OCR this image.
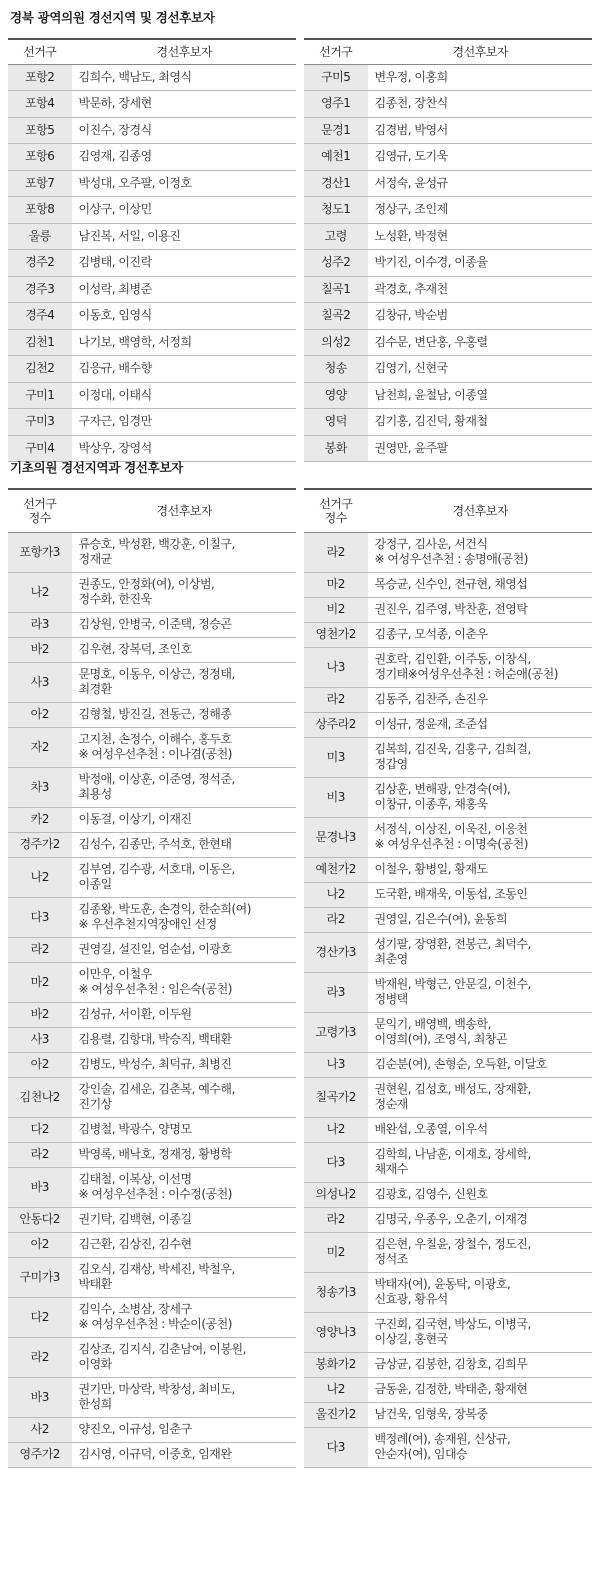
경북 광역의원 경선지역 및 경선후보자
선거구	경선후보자
포항2	김희수, 백남도, 최영식
포항4	박문하, 장세현
포항5	이진수, 장경식
포항6	김영재, 김종영
포항7	박성대, 오주팔, 이정호
포항8	이상구, 이상민
울릉	남진복, 서일, 이용진
경주2	김병태, 이진락
경주3	이성락, 최병준
경주4	이동호, 임영식
김천1	나기보, 백영학, 서정희
김천2	김응규, 배수향
구미1	이정대, 이태식
구미3	구자근, 임경만
구미4	박상우, 장영석
선거구	경선후보자
구미5	변우정, 이홍희
영주1	김종천, 장찬식
문경1	김경범, 박영서
예천1	김영규, 도기욱
경산1	서정숙, 윤성규
청도1	정상구, 조인제
고령	노성환, 박정현
성주2	박기진, 이수경, 이종율
칠곡1	곽경호, 추재천
칠곡2	김창규, 박순범
의성2	김수문, 변단홍, 우홍렬
청송	김영기, 신현국
영양	남천희, 윤철남, 이종열
영덕	김기홍, 김진덕, 황재철
봉화	권영만, 윤주팔
기초의원 경선지역과 경선후보자
선거구
정수	경선후보자
포항가3	류승호, 박성환, 백강훈, 이칠구,
정재균

나2	권종도, 안정화(여), 이상범,
정수화, 한진욱

라3	김상원, 안병국, 이준택, 정승곤

바2	김우현, 장복덕, 조인호

사3	문명호, 이동우, 이상근, 정정태,
최경환

아2	김형철, 방진길, 전동근, 정해종

자2	고지천, 손정수, 이해수, 홍두호
※ 여성우선추천 : 이나겸(공천)

차3	박정애, 이상훈, 이준영, 정석준,
최용성

카2	이동걸, 이상기, 이재진

경주가2	김성수, 김종만, 주석호, 한현태

나2	김부염, 김수광, 서호대, 이동은,
이종일

다3	김종왕, 박도훈, 손경익, 한순희(여)
※ 우선추천지역장애인 선정

라2	권영길, 설진일, 엄순섭, 이광호

마2	이만우, 이철우
※ 여성우선추천 : 임은숙(공천)

바2	김성규, 서이환, 이두원

사3	김용렬, 김항대, 박승직, 백태환

아2	김병도, 박성수, 최덕규, 최병진

김천나2	강인술, 김세운, 김춘복, 예수해,
진기상

다2	김병철, 박광수, 양명모

라2	박영록, 배낙호, 정재정, 황병학

바3	김태철, 이복상, 이선명
※ 여성우선추천 : 이수정(공천)

안동다2	권기탁, 김백현, 이종길

아2	김근환, 김상진, 김수현

구미가3	김오식, 김재상, 박세진, 박철우,
박태환

다2	김익수, 소병삼, 장세구
※ 여성우선추천 : 박순이(공천)

라2	김상조, 김지식, 김춘남여, 이봉원,
이영화

바3	권기만, 마상락, 박창성, 최비도,
한성희

사2	양진오, 이규성, 임춘구

영주가2	김시영, 이규덕, 이중호, 임재완
선거구
정수	경선후보자
라2	강정구, 김사운, 서건식
※ 여성우선추천 : 송명애(공천)

마2	목승균, 신수인, 전규현, 채영섭

비2	권진우, 김주영, 박찬훈, 전영탁

영천가2	김종구, 모석종, 이춘우

나3	권호락, 김인환, 이주동, 이창식,
정기태※여성우선추천 : 허순애(공천)

라2	김동주, 김찬주, 손진우

상주라2	이성규, 정윤재, 조준섭

미3	김복희, 김진욱, 김홍구, 김희걸,
정갑영

비3	김상훈, 변해광, 안경숙(여),
이창규, 이종후, 채홍욱

문경나3	서정식, 이상진, 이욱진, 이응천
※ 여성우선추천 : 이명숙(공천)

예천가2	이철우, 황병일, 황재도

나2	도국환, 배재욱, 이동섭, 조동인

라2	권영일, 김은수(여), 윤동희

경산가3	성기팔, 장영환, 전봉근, 최덕수,
최춘영

라3	박재원, 박형근, 안문길, 이천수,
정병택

고령가3	문익기, 배영백, 백송학,
이영희(여), 조영식, 최창곤

나3	김순분(여), 손형순, 오득환, 이달호

칠곡가2	권현원, 김성호, 배성도, 장재환,
정순재

나2	배완섭, 오종열, 이우석

다3	김학희, 나남훈, 이재호, 장세학,
채재수

의성나2	김광호, 김영수, 신원호

라2	김명국, 우종우, 오춘기, 이재경

미2	김은현, 우칠윤, 장철수, 정도진,
정석조

청송가3	박태자(여), 윤동탁, 이광호,
신효광, 황유석

영양나3	구진회, 김국현, 박상도, 이병국,
이상길, 홍현국

봉화가2	금상균, 김봉한, 김창호, 김희무

나2	금동윤, 김정한, 박태춘, 황재현

울진가2	남건욱, 임형욱, 장복중

다3	백정례(여), 송재원, 신상규,
안순자(여), 임대승
